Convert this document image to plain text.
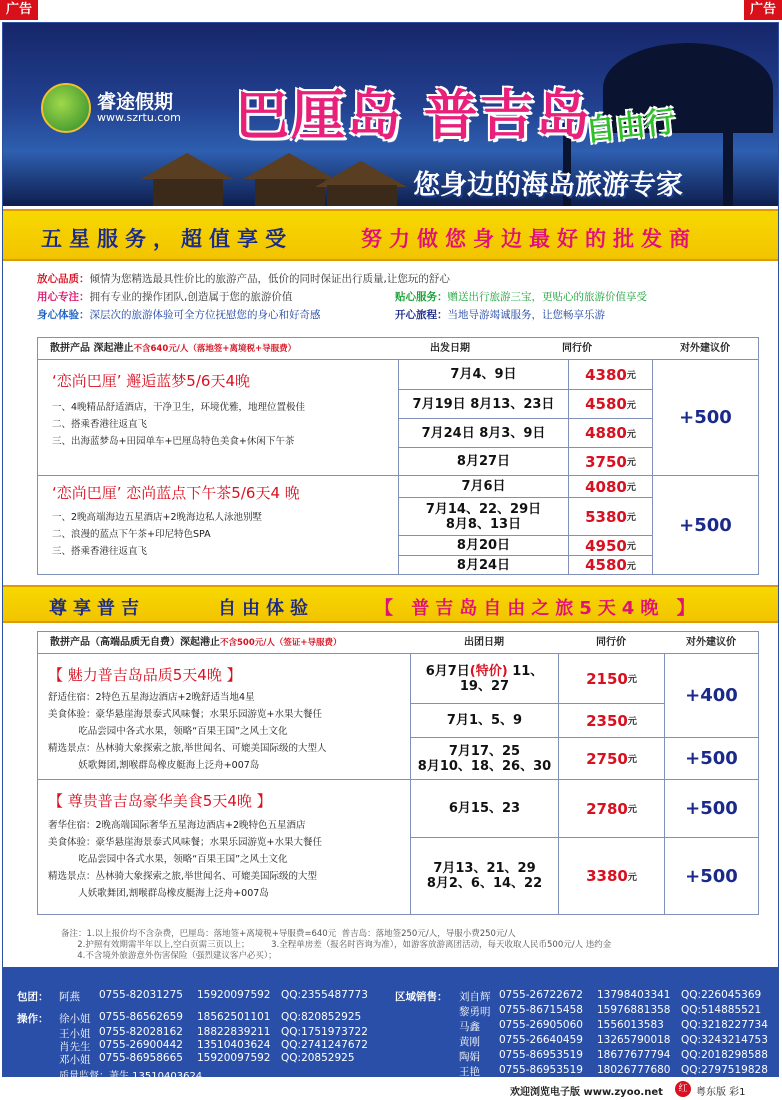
广告	广告
睿途假期
www.szrtu.com 巴厘岛 普吉岛
自由行
您身边的海岛旅游专家
五星服务，超值享受	努力做您身边最好的批发商
放心品质：倾情为您精选最具性价比的旅游产品，低价的同时保证出行质量,让您玩的舒心
用心专注：拥有专业的操作团队,创造属于您的旅游价值	贴心服务：赠送出行旅游三宝，更贴心的旅游价值享受
身心体验：深层次的旅游体验可全方位抚慰您的身心和好奇感	开心旅程：当地导游竭诚服务，让您畅享乐游
散拼产品 深起港止不含640元/人（落地签+离境税+导服费）	出发日期	同行价	对外建议价
‘恋尚巴厘’ 邂逅蓝梦5/6天4晚
一、4晚精品舒适酒店，干净卫生，环境优雅，地理位置极佳
二、搭乘香港往返直飞
三、出海蓝梦岛+田园单车+巴厘岛特色美食+休闲下午茶
7月4、9日	4380 元
7月19日 8月13、23日	4580 元
7月24日 8月3、9日	4880 元
8月27日	3750 元
+500
‘恋尚巴厘’ 恋尚蓝点下午茶5/6天4 晚
一、2晚高端海边五星酒店+2晚海边私人泳池别墅
二、浪漫的蓝点下午茶+印尼特色SPA
三、搭乘香港往返直飞
7月6日	4080 元
7月14、22、29日
8月8、13日	5380 元
8月20日	4950 元
8月24日	4580 元
+500
尊享普吉	自由体验	【 普吉岛自由之旅5天4晚 】
散拼产品（高端品质无自费）深起港止不含500元/人（签证+导服费）	出团日期	同行价	对外建议价
【 魅力普吉岛品质5天4晚 】
舒适住宿：2特色五星海边酒店+2晚舒适当地4星
美食体验：豪华悬崖海景泰式风味餐；水果乐园游览+水果大餐任
吃品尝园中各式水果，领略“百果王国”之风土文化
精选景点：丛林骑大象探索之旅,举世闻名、可媲美国际级的大型人
妖歌舞团,割喉群岛橡皮艇海上泛舟+007岛
6月7日(特价) 11、
19、27	2150 元
7月1、5、9	2350 元
+400
7月17、25
8月10、18、26、30	2750 元	+500
【 尊贵普吉岛豪华美食5天4晚 】
奢华住宿：2晚高端国际奢华五星海边酒店+2晚特色五星酒店
美食体验：豪华悬崖海景泰式风味餐；水果乐园游览+水果大餐任
吃品尝园中各式水果，领略“百果王国”之风土文化
精选景点：丛林骑大象探索之旅,举世闻名、可媲美国际级的大型
人妖歌舞团,割喉群岛橡皮艇海上泛舟+007岛
6月15、23	2780 元	+500
7月13、21、29
8月2、6、14、22	3380 元	+500
备注：1.以上报价均不含杂费，巴厘岛：落地签+离境税+导服费=640元  普吉岛：落地签250元/人，导服小费250元/人
2.护照有效期需半年以上,空白页需三页以上；        3.全程单房差（报名时咨询为准），如游客放游离团活动，每天收取人民币500元/人 违约金
4.不含境外旅游意外伤害保险（强烈建议客户必买）；
包团： 阿燕 0755-82031275 15920097592 QQ:2355487773
操作： 徐小姐 0755-86562659 18562501101 QQ:820852925
王小姐 0755-82028162 18822839211 QQ:1751973722
肖先生 0755-26900442 13510403624 QQ:2741247672
邓小姐 0755-86958665 15920097592 QQ:20852925
质量监督：萧生 13510403624
区域销售： 刘自辉 0755-26722672 13798403341 QQ:226045369
黎勇明 0755-86715458 15976881358 QQ:514885521
马鑫 0755-26905060 1556013583 QQ:3218227734
黄刚 0755-26640459 13265790018 QQ:3243214753
陶娟 0755-86953519 18677677794 QQ:2018298588
王艳 0755-86953519 18026777680 QQ:2797519828
欢迎浏览电子版 www.zyoo.net	红 粤东版 彩1
